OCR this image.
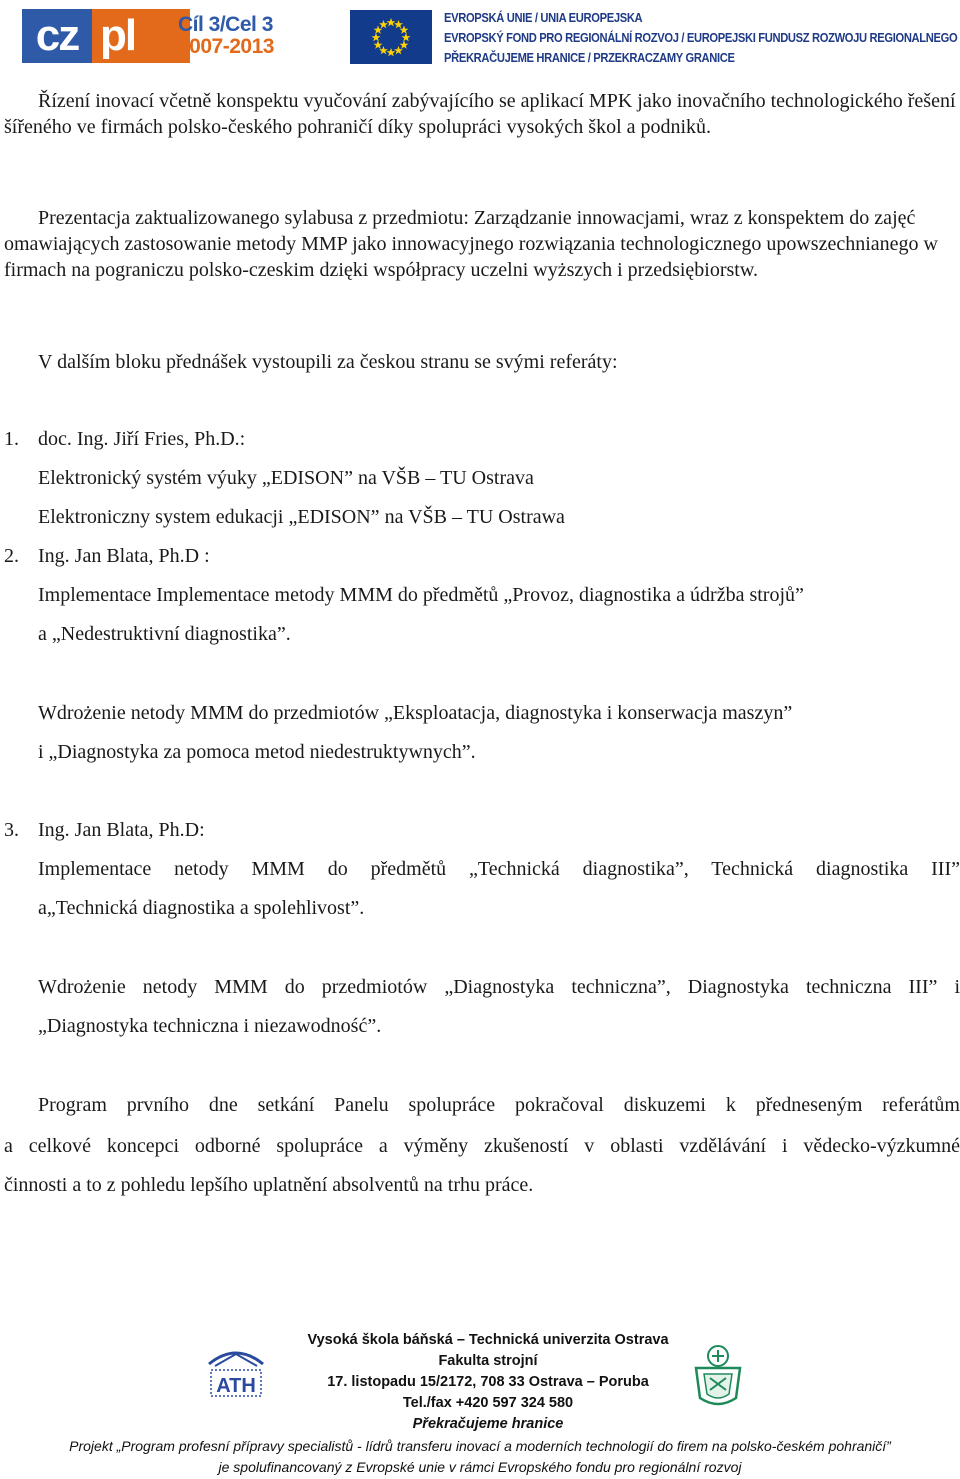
cz pl	Cíl 3/Cel 3
2007-2013
EVROPSKÁ UNIE / UNIA EUROPEJSKA
EVROPSKÝ FOND PRO REGIONÁLNÍ ROZVOJ / EUROPEJSKI FUNDUSZ ROZWOJU REGIONALNEGO
PŘEKRAČUJEME HRANICE / PRZEKRACZAMY GRANICE

Řízení inovací včetně konspektu vyučování zabývajícího se aplikací MPK jako inovačního technologického řešení šířeného ve firmách polsko-českého pohraničí díky spolupráci vysokých škol a podniků.

Prezentacja zaktualizowanego sylabusa z przedmiotu: Zarządzanie innowacjami, wraz z konspektem do zajęć omawiających zastosowanie metody MMP jako innowacyjnego rozwiązania technologicznego upowszechnianego w firmach na pograniczu polsko-czeskim dzięki współpracy uczelni wyższych i przedsiębiorstw.

V dalším bloku přednášek vystoupili za českou stranu se svými referáty:

1. doc. Ing. Jiří Fries, Ph.D.:
Elektronický systém výuky „EDISON” na VŠB – TU Ostrava
Elektroniczny system edukacji „EDISON” na VŠB – TU Ostrawa
2. Ing. Jan Blata, Ph.D :
Implementace Implementace metody MMM do předmětů „Provoz, diagnostika a údržba strojů”
a „Nedestruktivní diagnostika”.
Wdrożenie netody MMM do przedmiotów „Eksploatacja, diagnostyka i konserwacja maszyn”
i „Diagnostyka za pomoca metod niedestruktywnych”.
3. Ing. Jan Blata, Ph.D:
Implementace netody MMM do předmětů „Technická diagnostika”, Technická diagnostika III”
a„Technická diagnostika a spolehlivost”.
Wdrożenie netody MMM do przedmiotów „Diagnostyka techniczna”, Diagnostyka techniczna III” i
„Diagnostyka techniczna i niezawodność”.
Program prvního dne setkání Panelu spolupráce pokračoval diskuzemi k předneseným referátům
a celkové koncepci odborné spolupráce a výměny zkušeností v oblasti vzdělávání i vědecko-výzkumné
činnosti a to z pohledu lepšího uplatnění absolventů na trhu práce.
ATH
Vysoká škola báňská – Technická univerzita Ostrava
Fakulta strojní
17. listopadu 15/2172, 708 33 Ostrava – Poruba
Tel./fax +420 597 324 580
Překračujeme hranice
Projekt „Program profesní přípravy specialistů - lídrů transferu inovací a moderních technologií do firem na polsko-českém pohraničí”
je spolufinancovaný z Evropské unie v rámci Evropského fondu pro regionální rozvoj
